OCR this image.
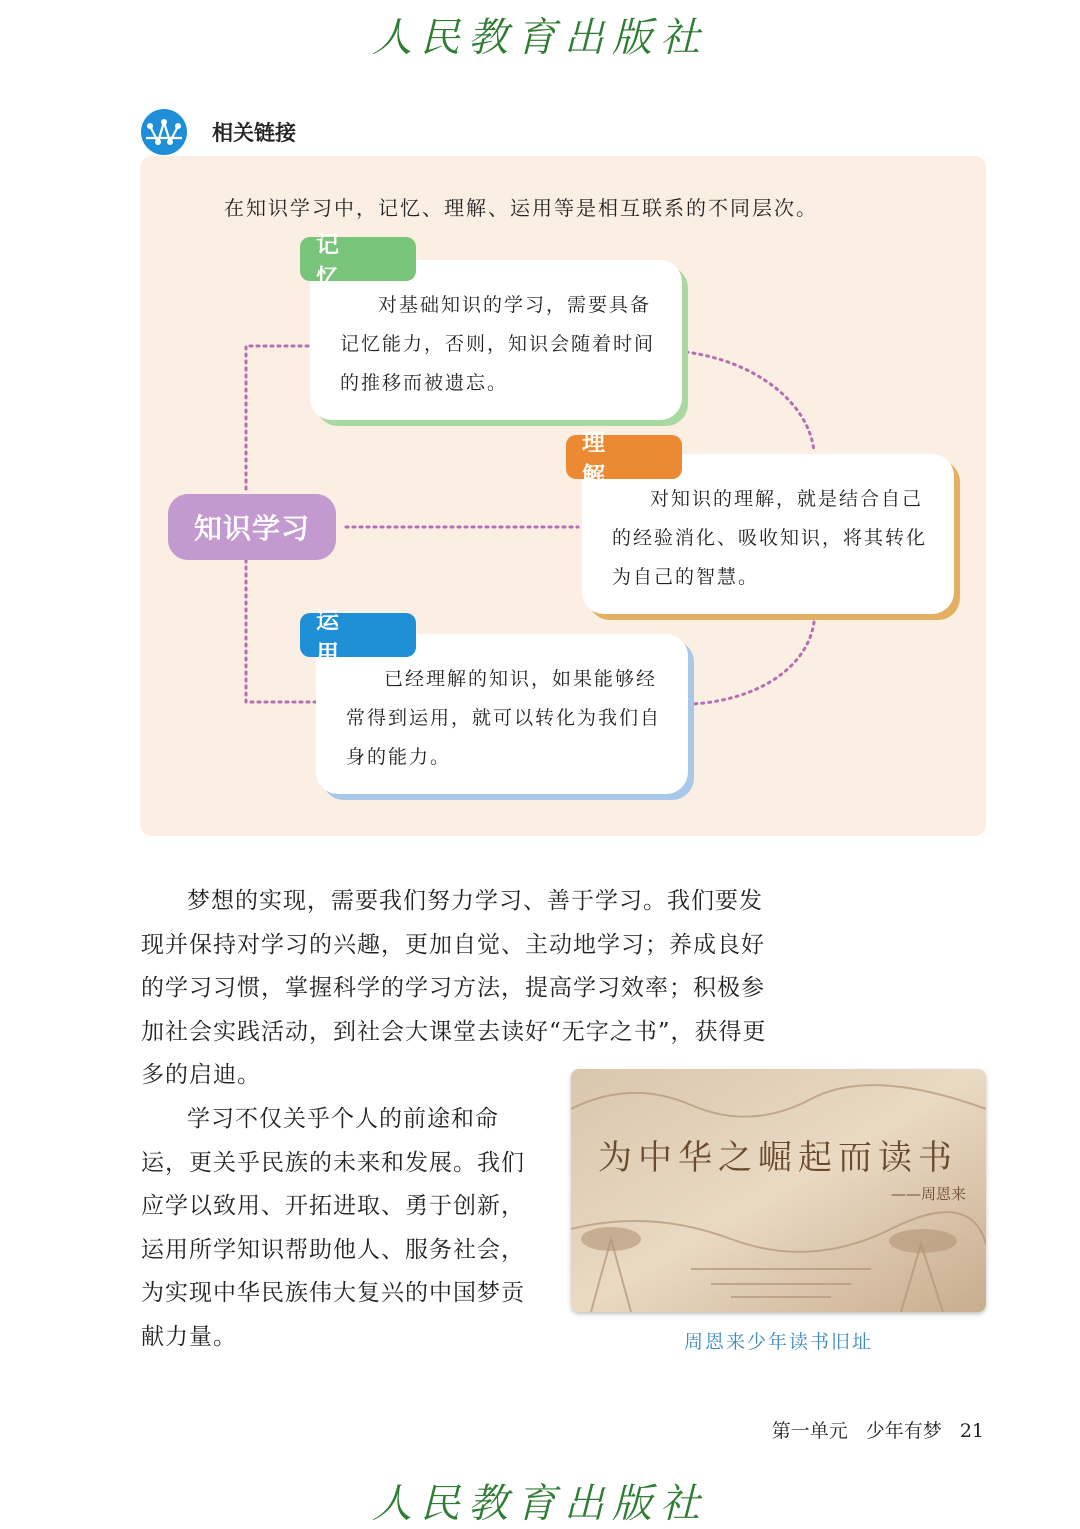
人民教育出版社
相关链接
在知识学习中，记忆、理解、运用等是相互联系的不同层次。
知识学习

对基础知识的学习，需要具备记忆能力，否则，知识会随着时间的推移而被遗忘。

记 忆

对知识的理解，就是结合自己的经验消化、吸收知识，将其转化为自己的智慧。

理 解

已经理解的知识，如果能够经常得到运用，就可以转化为我们自身的能力。

运 用

梦想的实现，需要我们努力学习、善于学习。我们要发现并保持对学习的兴趣，更加自觉、主动地学习；养成良好的学习习惯，掌握科学的学习方法，提高学习效率；积极参加社会实践活动，到社会大课堂去读好“无字之书”，获得更多的启迪。

学习不仅关乎个人的前途和命运，更关乎民族的未来和发展。我们应学以致用、开拓进取、勇于创新，运用所学知识帮助他人、服务社会，为实现中华民族伟大复兴的中国梦贡献力量。

为中华之崛起而读书
——周恩来
周恩来少年读书旧址
第一单元 少年有梦 21
人民教育出版社
